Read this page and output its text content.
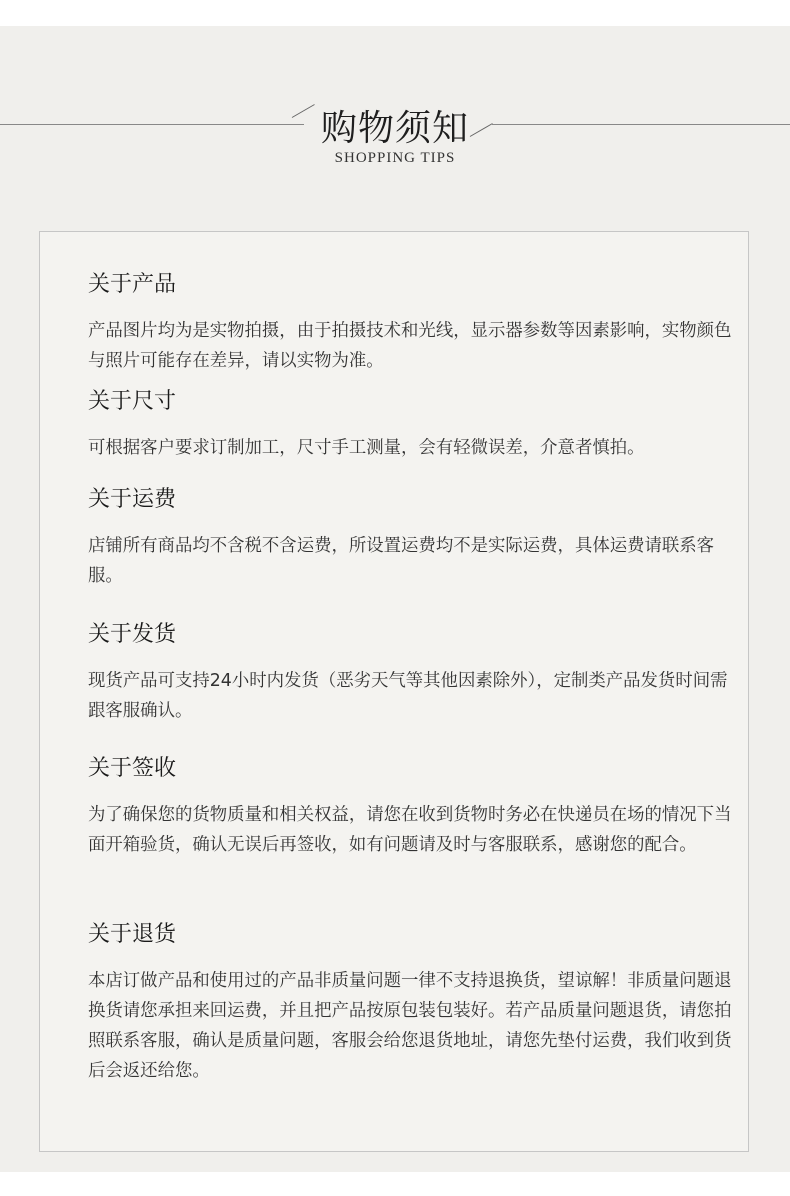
购物须知
SHOPPING TIPS
关于产品

产品图片均为是实物拍摄，由于拍摄技术和光线，显示器参数等因素影响，实物颜色与照片可能存在差异，请以实物为准。

关于尺寸

可根据客户要求订制加工，尺寸手工测量，会有轻微误差，介意者慎拍。

关于运费

店铺所有商品均不含税不含运费，所设置运费均不是实际运费，具体运费请联系客服。

关于发货

现货产品可支持24小时内发货（恶劣天气等其他因素除外），定制类产品发货时间需跟客服确认。

关于签收

为了确保您的货物质量和相关权益，请您在收到货物时务必在快递员在场的情况下当面开箱验货，确认无误后再签收，如有问题请及时与客服联系，感谢您的配合。

关于退货

本店订做产品和使用过的产品非质量问题一律不支持退换货，望谅解！非质量问题退换货请您承担来回运费，并且把产品按原包装包装好。若产品质量问题退货，请您拍照联系客服，确认是质量问题，客服会给您退货地址，请您先垫付运费，我们收到货后会返还给您。
